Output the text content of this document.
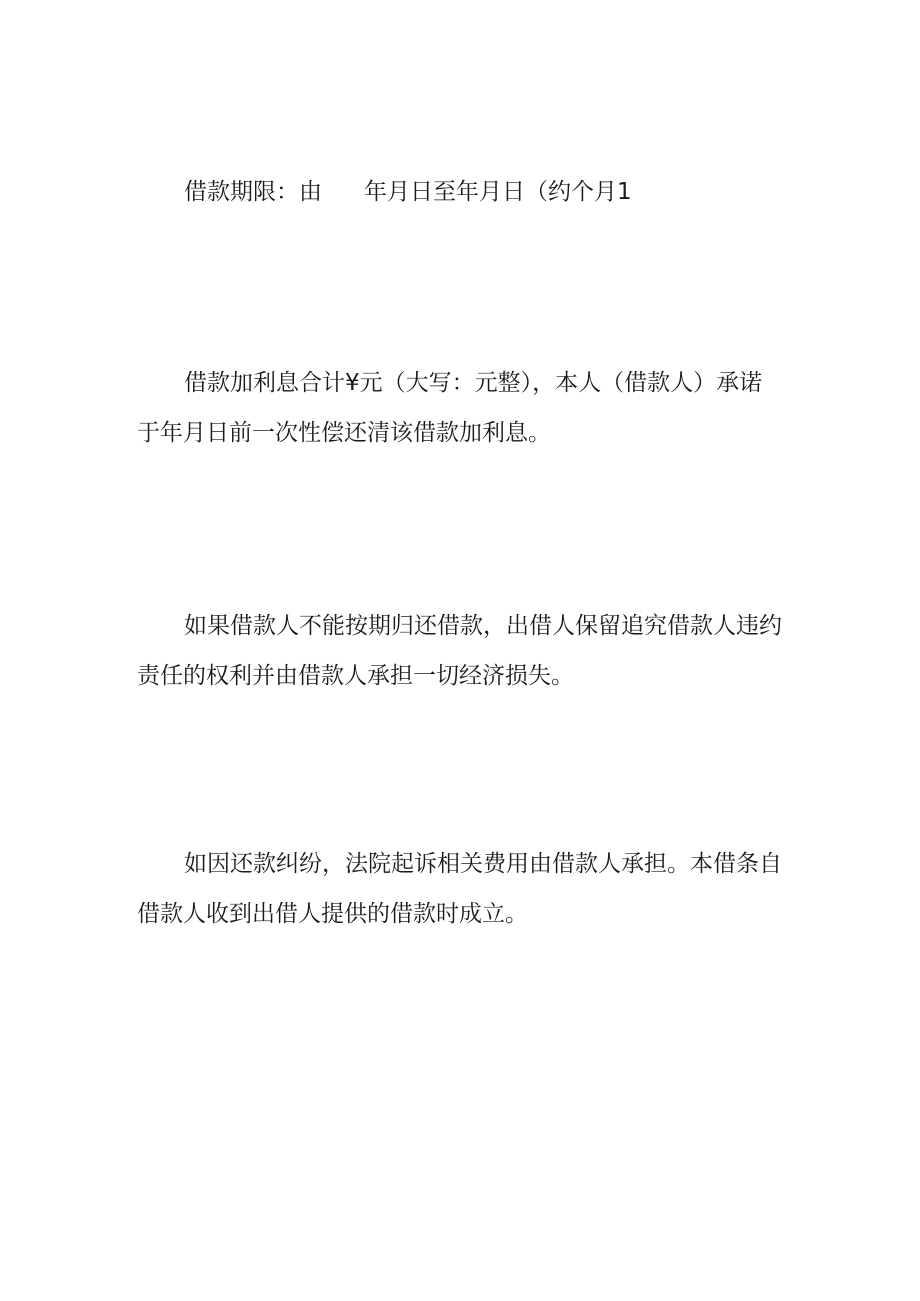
借款期限：由 年月日至年月日（约个月1

借款加利息合计¥元（大写：元整），本人（借款人）承诺
于年月日前一次性偿还清该借款加利息。

如果借款人不能按期归还借款，出借人保留追究借款人违约
责任的权利并由借款人承担一切经济损失。

如因还款纠纷，法院起诉相关费用由借款人承担。本借条自
借款人收到出借人提供的借款时成立。
